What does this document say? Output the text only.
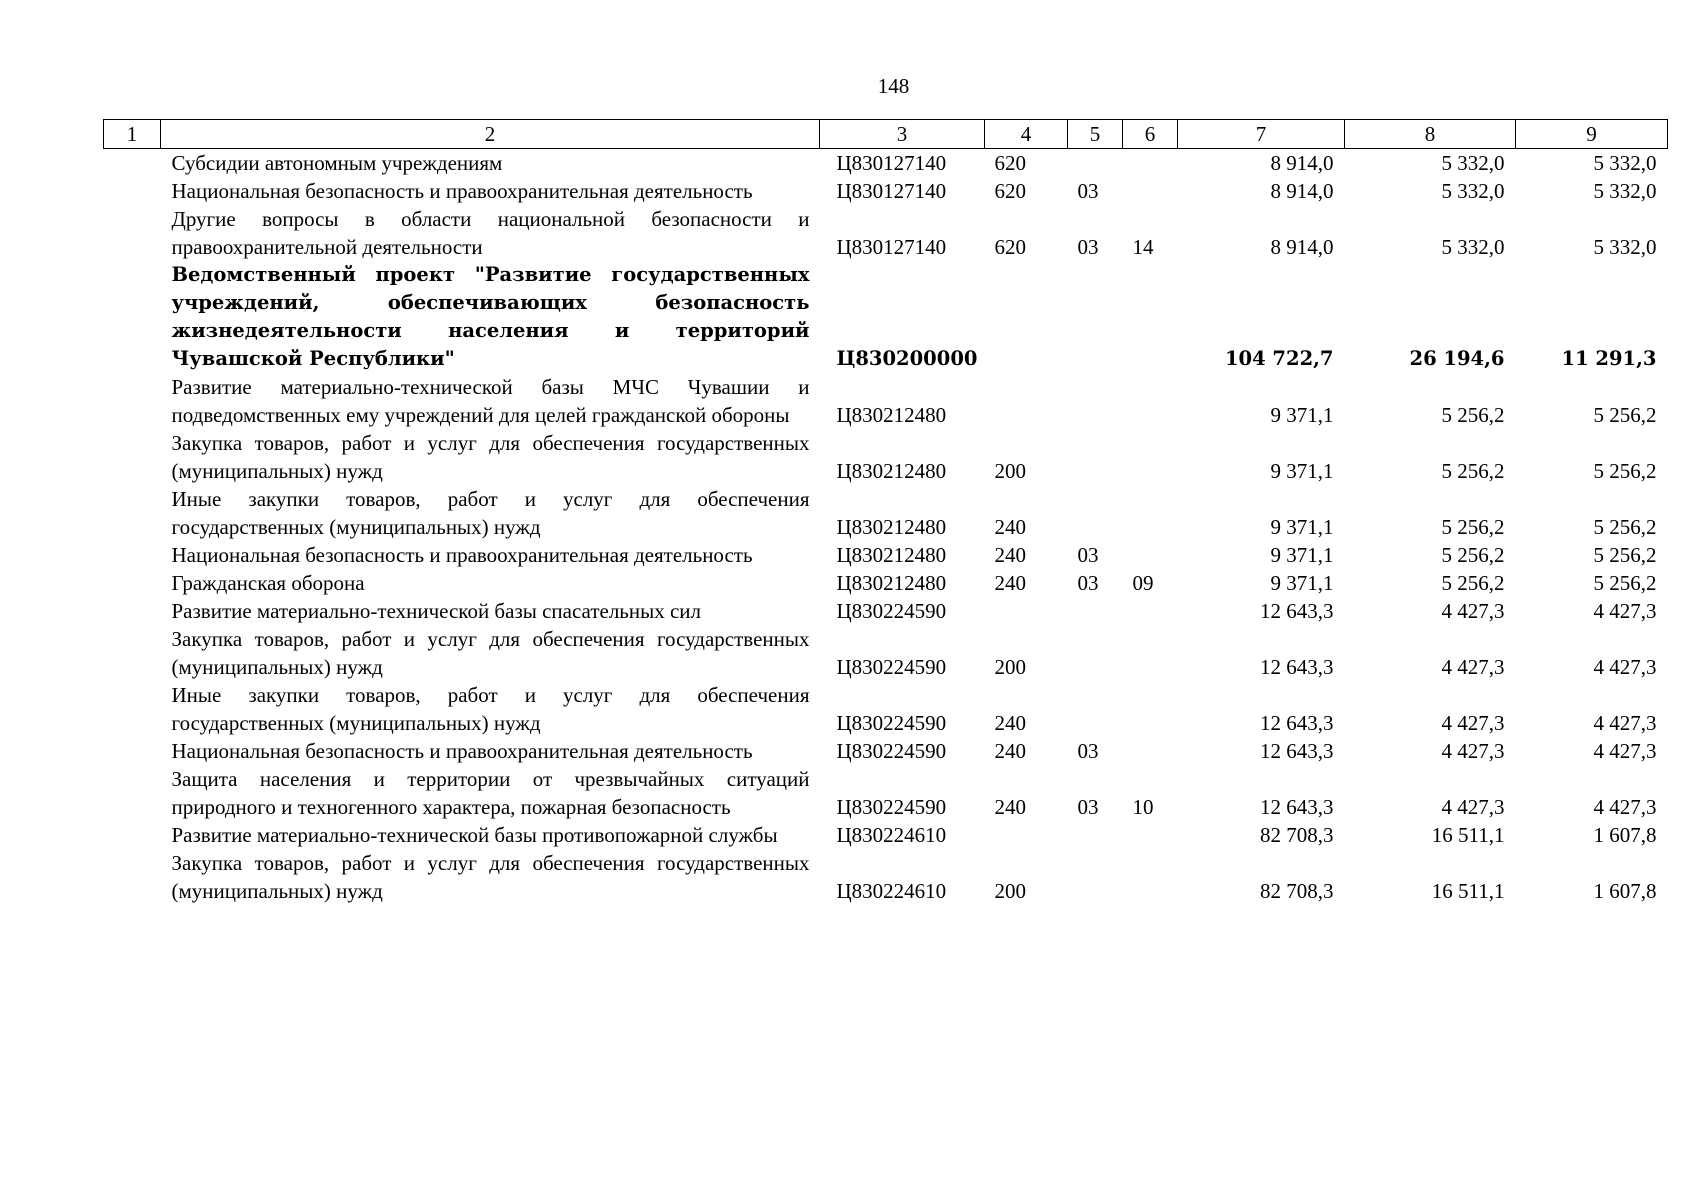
148
1	2	3	4	5	6	7	8	9
	Субсидии автономным учреждениям	Ц830127140	620			8 914,0	5 332,0	5 332,0
	Национальная безопасность и правоохранительная деятельность	Ц830127140	620	03		8 914,0	5 332,0	5 332,0
	Другие вопросы в области национальной безопасности и правоохранительной деятельности	Ц830127140	620	03	14	8 914,0	5 332,0	5 332,0
	Ведомственный проект "Развитие государственных учреждений, обеспечивающих безопасность жизнедеятельности населения и территорий Чувашской Республики"	Ц830200000				104 722,7	26 194,6	11 291,3
	Развитие материально-технической базы МЧС Чувашии и подведомственных ему учреждений для целей гражданской обороны	Ц830212480				9 371,1	5 256,2	5 256,2
	Закупка товаров, работ и услуг для обеспечения государственных (муниципальных) нужд	Ц830212480	200			9 371,1	5 256,2	5 256,2
	Иные закупки товаров, работ и услуг для обеспечения государственных (муниципальных) нужд	Ц830212480	240			9 371,1	5 256,2	5 256,2
	Национальная безопасность и правоохранительная деятельность	Ц830212480	240	03		9 371,1	5 256,2	5 256,2
	Гражданская оборона	Ц830212480	240	03	09	9 371,1	5 256,2	5 256,2
	Развитие материально-технической базы спасательных сил	Ц830224590				12 643,3	4 427,3	4 427,3
	Закупка товаров, работ и услуг для обеспечения государственных (муниципальных) нужд	Ц830224590	200			12 643,3	4 427,3	4 427,3
	Иные закупки товаров, работ и услуг для обеспечения государственных (муниципальных) нужд	Ц830224590	240			12 643,3	4 427,3	4 427,3
	Национальная безопасность и правоохранительная деятельность	Ц830224590	240	03		12 643,3	4 427,3	4 427,3
	Защита населения и территории от чрезвычайных ситуаций природного и техногенного характера, пожарная безопасность	Ц830224590	240	03	10	12 643,3	4 427,3	4 427,3
	Развитие материально-технической базы противопожарной службы	Ц830224610				82 708,3	16 511,1	1 607,8
	Закупка товаров, работ и услуг для обеспечения государственных (муниципальных) нужд	Ц830224610	200			82 708,3	16 511,1	1 607,8
